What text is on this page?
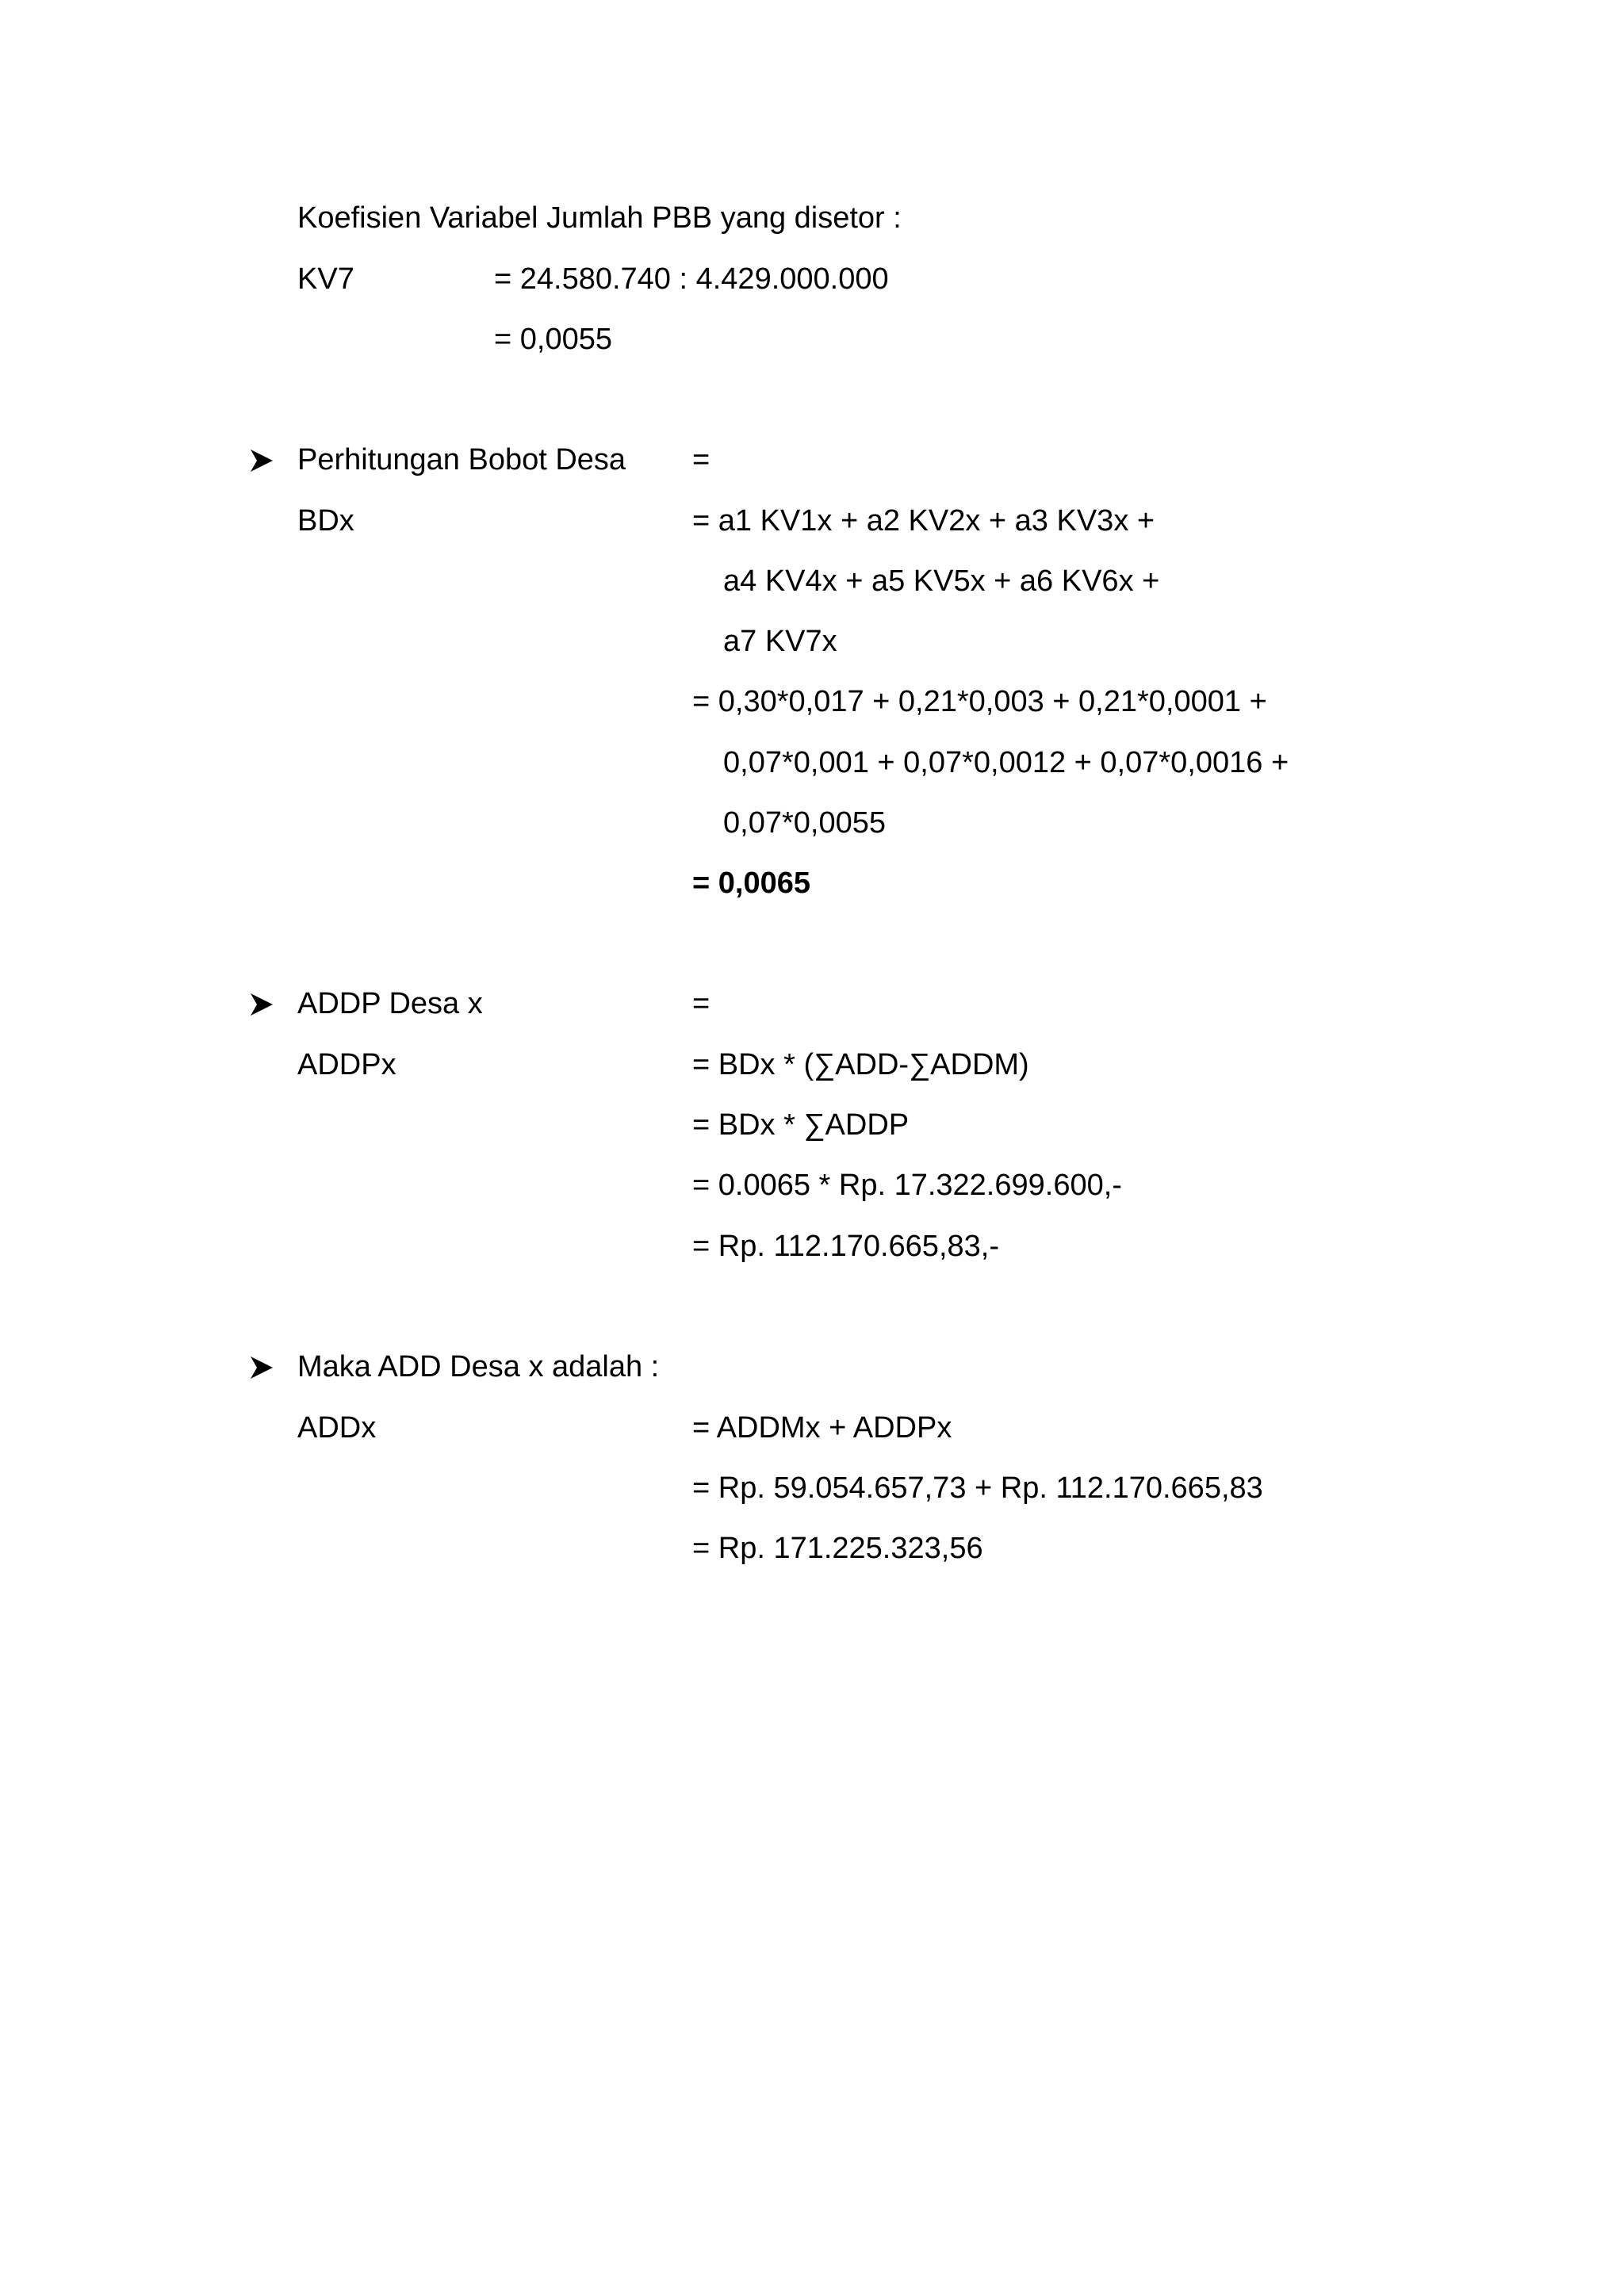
Koefisien Variabel Jumlah PBB yang disetor :
KV7	= 24.580.740 : 4.429.000.000
= 0,0055
Perhitungan Bobot Desa =
BDx	= a1 KV1x + a2 KV2x + a3 KV3x +
a4 KV4x + a5 KV5x + a6 KV6x +
a7 KV7x
= 0,30*0,017 + 0,21*0,003 + 0,21*0,0001 +
0,07*0,001 + 0,07*0,0012 + 0,07*0,0016 +
0,07*0,0055
= 0,0065
ADDP Desa x	=
ADDPx	= BDx * (∑ADD-∑ADDM)
= BDx * ∑ADDP
= 0.0065 * Rp. 17.322.699.600,-
= Rp. 112.170.665,83,-
Maka ADD Desa x adalah :
ADDx	= ADDMx + ADDPx
= Rp. 59.054.657,73 + Rp. 112.170.665,83
= Rp. 171.225.323,56
